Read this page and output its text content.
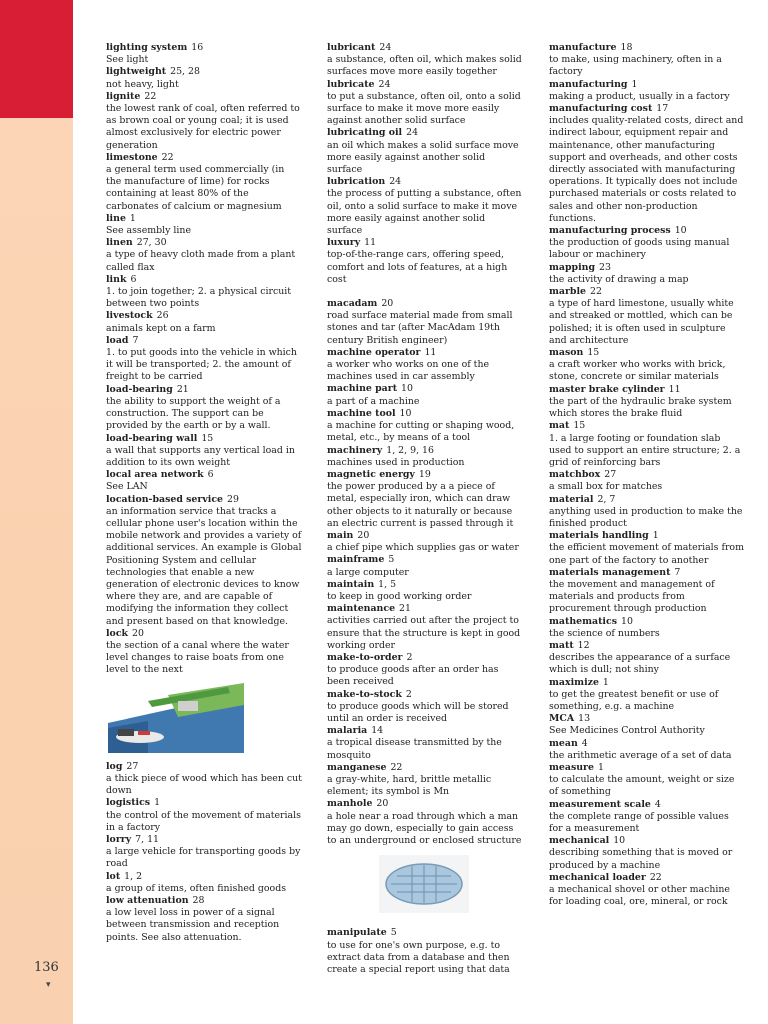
136
▾

lighting system 16
See light

lightweight 25, 28
not heavy, light

lignite 22
the lowest rank of coal, often referred to as brown coal or young coal; it is used almost exclusively for electric power generation

limestone 22
a general term used commercially (in the manufacture of lime) for rocks containing at least 80% of the carbonates of calcium or magnesium

line 1
See assembly line

linen 27, 30
a type of heavy cloth made from a plant called flax

link 6
1. to join together; 2. a physical circuit between two points

livestock 26
animals kept on a farm

load 7
1. to put goods into the vehicle in which it will be transported; 2. the amount of freight to be carried

load-bearing 21
the ability to support the weight of a construction. The support can be provided by the earth or by a wall.

load-bearing wall 15
a wall that supports any vertical load in addition to its own weight

local area network 6
See LAN

location-based service 29
an information service that tracks a cellular phone user's location within the mobile network and provides a variety of additional services. An example is Global Positioning System and cellular technologies that enable a new generation of electronic devices to know where they are, and are capable of modifying the information they collect and present based on that knowledge.

lock 20
the section of a canal where the water level changes to raise boats from one level to the next

log 27
a thick piece of wood which has been cut down

logistics 1
the control of the movement of materials in a factory

lorry 7, 11
a large vehicle for transporting goods by road

lot 1, 2
a group of items, often finished goods

low attenuation 28
a low level loss in power of a signal between transmission and reception points. See also attenuation.

lubricant 24
a substance, often oil, which makes solid surfaces move more easily together

lubricate 24
to put a substance, often oil, onto a solid surface to make it move more easily against another solid surface

lubricating oil 24
an oil which makes a solid surface move more easily against another solid surface

lubrication 24
the process of putting a substance, often oil, onto a solid surface to make it move more easily against another solid surface

luxury 11
top-of-the-range cars, offering speed, comfort and lots of features, at a high cost

macadam 20
road surface material made from small stones and tar (after MacAdam 19th century British engineer)

machine operator 11
a worker who works on one of the machines used in car assembly

machine part 10
a part of a machine

machine tool 10
a machine for cutting or shaping wood, metal, etc., by means of a tool

machinery 1, 2, 9, 16
machines used in production

magnetic energy 19
the power produced by a a piece of metal, especially iron, which can draw other objects to it naturally or because an electric current is passed through it

main 20
a chief pipe which supplies gas or water

mainframe 5
a large computer

maintain 1, 5
to keep in good working order

maintenance 21
activities carried out after the project to ensure that the structure is kept in good working order

make-to-order 2
to produce goods after an order has been received

make-to-stock 2
to produce goods which will be stored until an order is received

malaria 14
a tropical disease transmitted by the mosquito

manganese 22
a gray-white, hard, brittle metallic element; its symbol is Mn

manhole 20
a hole near a road through which a man may go down, especially to gain access to an underground or enclosed structure

manipulate 5
to use for one's own purpose, e.g. to extract data from a database and then create a special report using that data

manufacture 18
to make, using machinery, often in a factory

manufacturing 1
making a product, usually in a factory

manufacturing cost 17
includes quality-related costs, direct and indirect labour, equipment repair and maintenance, other manufacturing support and overheads, and other costs directly associated with manufacturing operations. It typically does not include purchased materials or costs related to sales and other non-production functions.

manufacturing process 10
the production of goods using manual labour or machinery

mapping 23
the activity of drawing a map

marble 22
a type of hard limestone, usually white and streaked or mottled, which can be polished; it is often used in sculpture and architecture

mason 15
a craft worker who works with brick, stone, concrete or similar materials

master brake cylinder 11
the part of the hydraulic brake system which stores the brake fluid

mat 15
1. a large footing or foundation slab used to support an entire structure; 2. a grid of reinforcing bars

matchbox 27
a small box for matches

material 2, 7
anything used in production to make the finished product

materials handling 1
the efficient movement of materials from one part of the factory to another

materials management 7
the movement and management of materials and products from procurement through production

mathematics 10
the science of numbers

matt 12
describes the appearance of a surface which is dull; not shiny

maximize 1
to get the greatest benefit or use of something, e.g. a machine

MCA 13
See Medicines Control Authority

mean 4
the arithmetic average of a set of data

measure 1
to calculate the amount, weight or size of something

measurement scale 4
the complete range of possible values for a measurement

mechanical 10
describing something that is moved or produced by a machine

mechanical loader 22
a mechanical shovel or other machine for loading coal, ore, mineral, or rock
